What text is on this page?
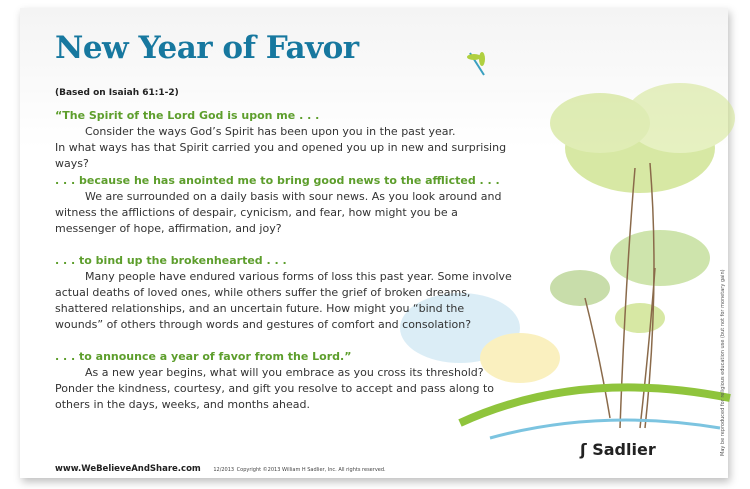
New Year of Favor
(Based on Isaiah 61:1-2)
“The Spirit of the Lord God is upon me . . .
Consider the ways God’s Spirit has been upon you in the past year.
In what ways has that Spirit carried you and opened you up in new and surprising ways?
. . . because he has anointed me to bring good news to the afflicted . . .
We are surrounded on a daily basis with sour news. As you look around and witness the afflictions of despair, cynicism, and fear, how might you be a messenger of hope, affirmation, and joy?
. . . to bind up the brokenhearted . . .
Many people have endured various forms of loss this past year. Some involve actual deaths of loved ones, while others suffer the grief of broken dreams, shattered relationships, and an uncertain future. How might you “bind the wounds” of others through words and gestures of comfort and consolation?
. . . to announce a year of favor from the Lord.”
As a new year begins, what will you embrace as you cross its threshold? Ponder the kindness, courtesy, and gift you resolve to accept and pass along to others in the days, weeks, and months ahead.
www.WeBelieveAndShare.com	12/2013 Copyright ©2013 William H Sadlier, Inc. All rights reserved.
ʃ Sadlier	May be reproduced for religious education use (but not for monetary gain)
